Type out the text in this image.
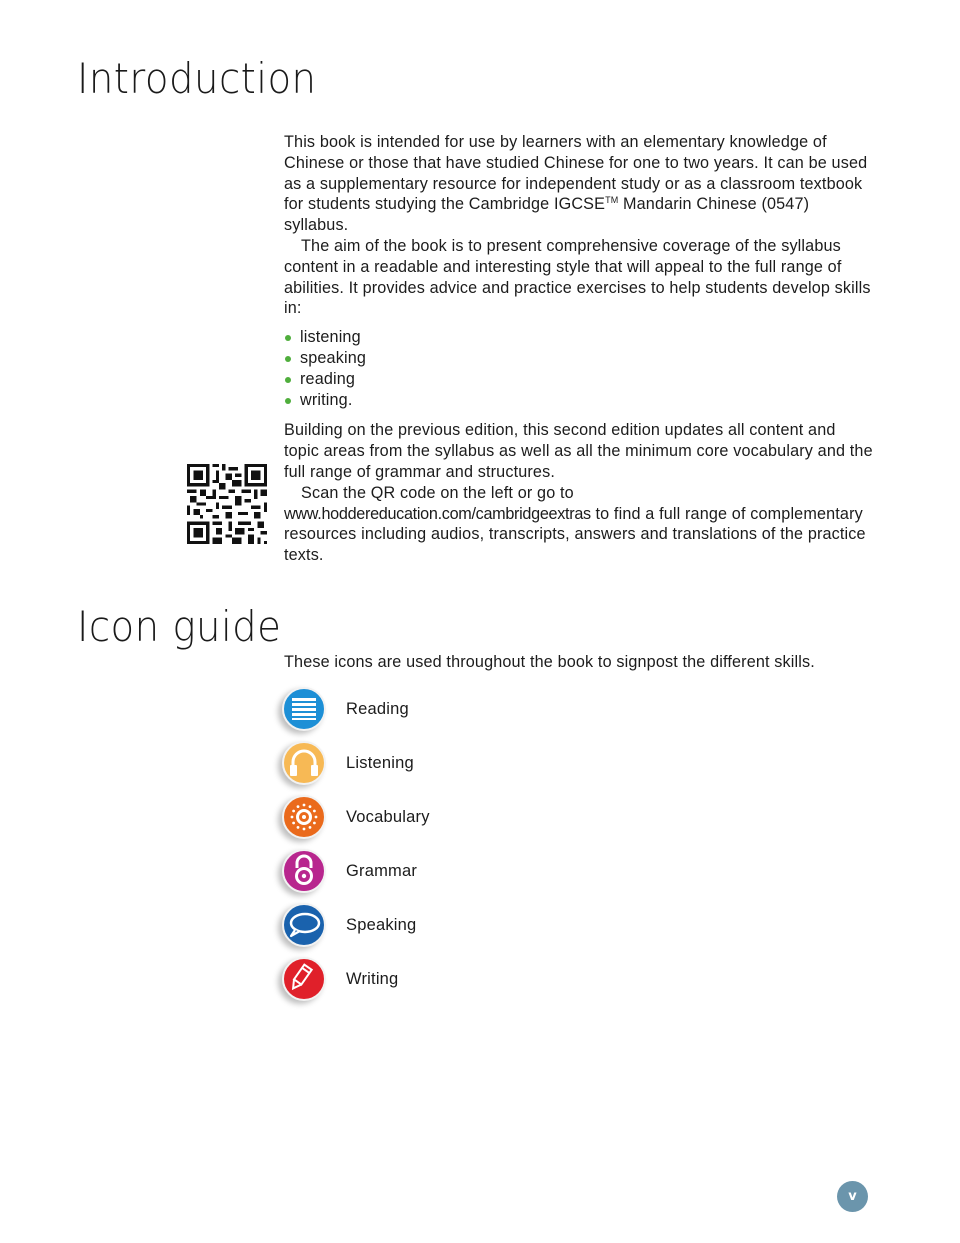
Introduction

This book is intended for use by learners with an elementary knowledge of Chinese or those that have studied Chinese for one to two years. It can be used as a supplementary resource for independent study or as a classroom textbook for students studying the Cambridge IGCSE™ Mandarin Chinese (0547) syllabus.

The aim of the book is to present comprehensive coverage of the syllabus content in a readable and interesting style that will appeal to the full range of abilities. It provides advice and practice exercises to help students develop skills in:

listening
speaking
reading
writing.

Building on the previous edition, this second edition updates all content and topic areas from the syllabus as well as all the minimum core vocabulary and the full range of grammar and structures.

Scan the QR code on the left or go to www.hoddereducation.com/cambridgeextras to find a full range of complementary resources including audios, transcripts, answers and translations of the practice texts.

Icon guide
These icons are used throughout the book to signpost the different skills.
Reading
Listening
Vocabulary
Grammar
Speaking
Writing
v
